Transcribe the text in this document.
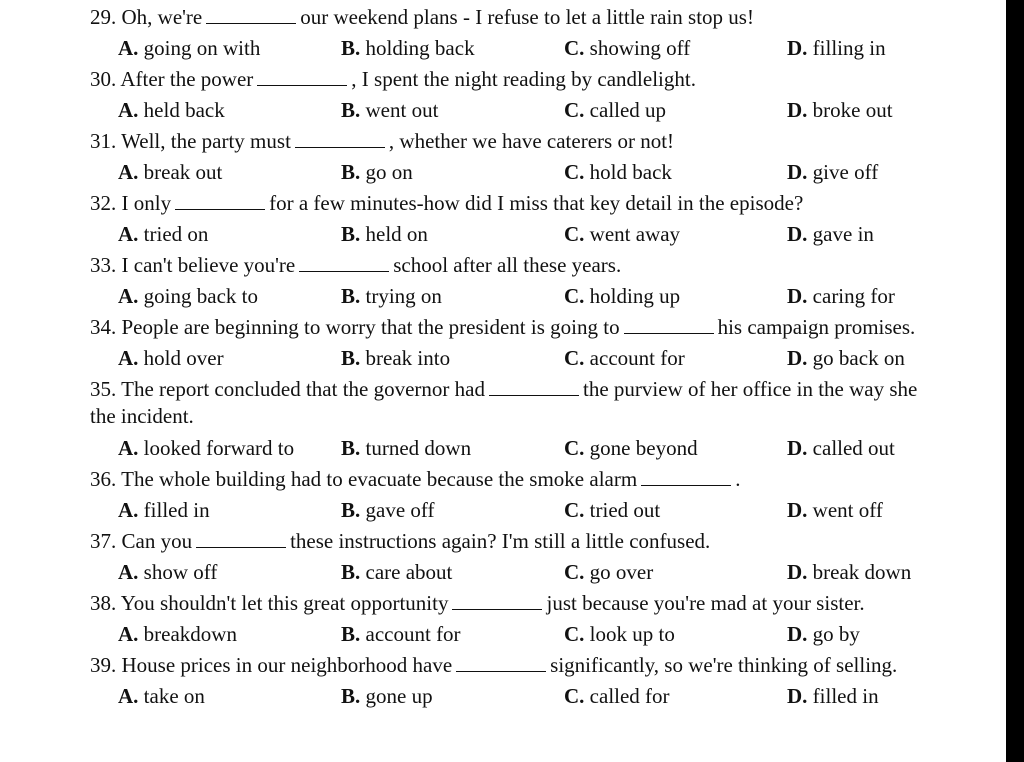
29. Oh, we're	our weekend plans - I refuse to let a little rain stop us!
A. going on with	B. holding back	C. showing off	D. filling in
30. After the power	, I spent the night reading by candlelight.
A. held back	B. went out	C. called up	D. broke out
31. Well, the party must	, whether we have caterers or not!
A. break out	B. go on	C. hold back	D. give off
32. I only	for a few minutes-how did I miss that key detail in the episode?
A. tried on	B. held on	C. went away	D. gave in
33. I can't believe you're	school after all these years.
A. going back to	B. trying on	C. holding up	D. caring for
34. People are beginning to worry that the president is going to	his campaign promises.
A. hold over	B. break into	C. account for	D. go back on
35. The report concluded that the governor had	the purview of her office in the way she
the incident.
A. looked forward to B. turned down	C. gone beyond	D. called out
36. The whole building had to evacuate because the smoke alarm	.
A. filled in	B. gave off	C. tried out	D. went off
37. Can you	these instructions again? I'm still a little confused.
A. show off	B. care about	C. go over	D. break down
38. You shouldn't let this great opportunity	just because you're mad at your sister.
A. breakdown	B. account for	C. look up to	D. go by
39. House prices in our neighborhood have	significantly, so we're thinking of selling.
A. take on	B. gone up	C. called for	D. filled in
